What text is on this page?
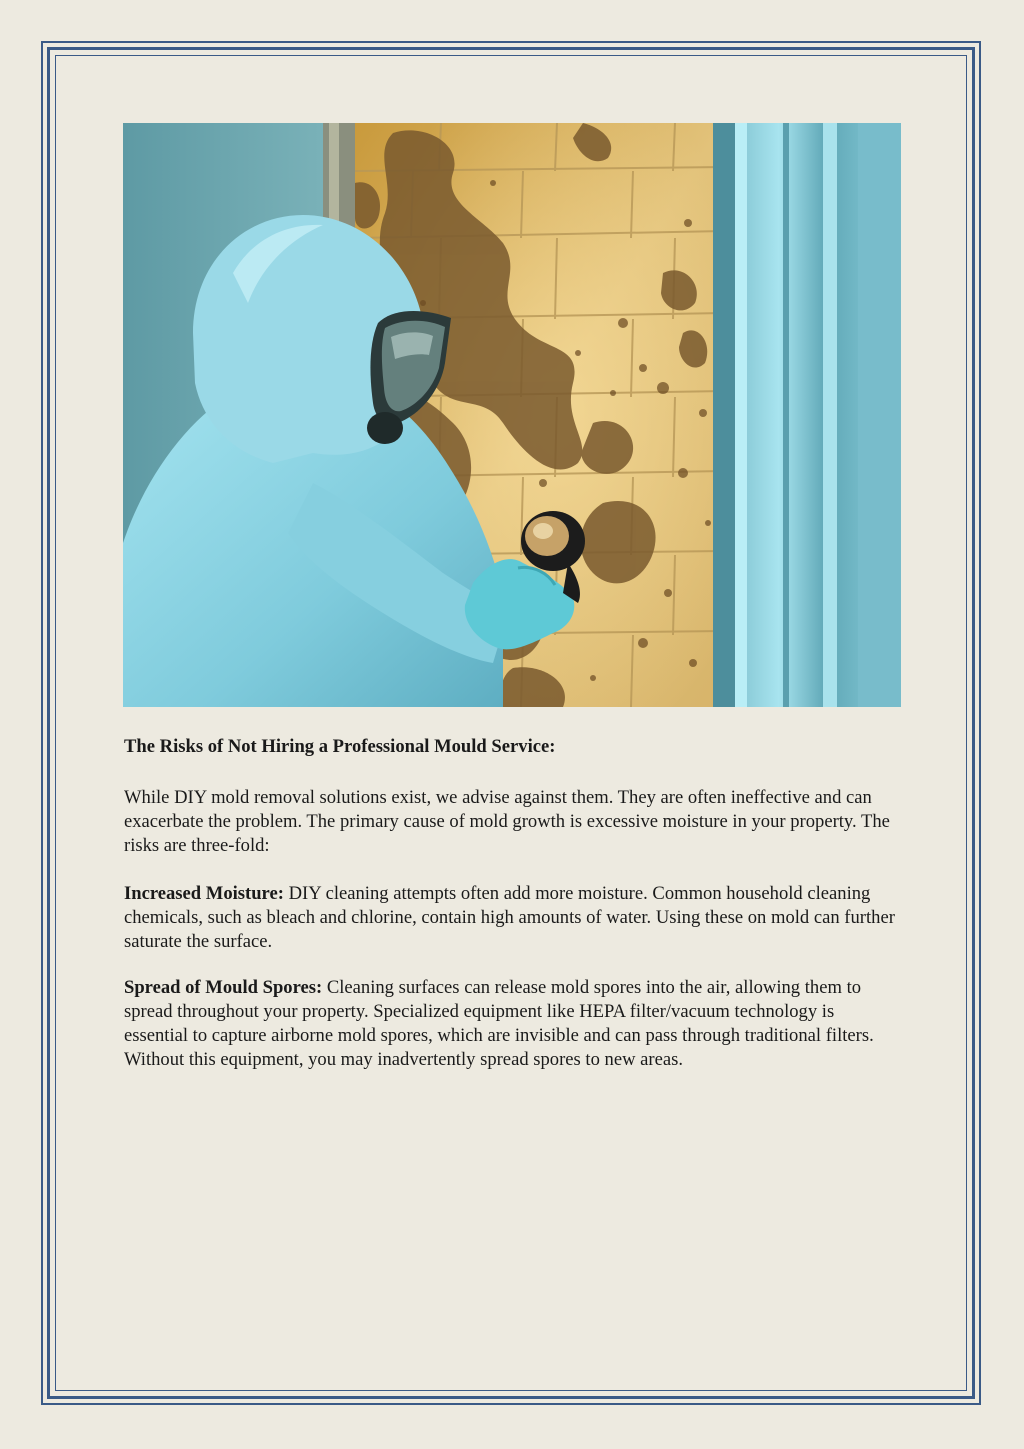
The Risks of Not Hiring a Professional Mould Service:

While DIY mold removal solutions exist, we advise against them. They are often ineffective and can exacerbate the problem. The primary cause of mold growth is excessive moisture in your property. The risks are three-fold:

Increased Moisture: DIY cleaning attempts often add more moisture. Common household cleaning chemicals, such as bleach and chlorine, contain high amounts of water. Using these on mold can further saturate the surface.

Spread of Mould Spores: Cleaning surfaces can release mold spores into the air, allowing them to spread throughout your property. Specialized equipment like HEPA filter/vacuum technology is essential to capture airborne mold spores, which are invisible and can pass through traditional filters. Without this equipment, you may inadvertently spread spores to new areas.
